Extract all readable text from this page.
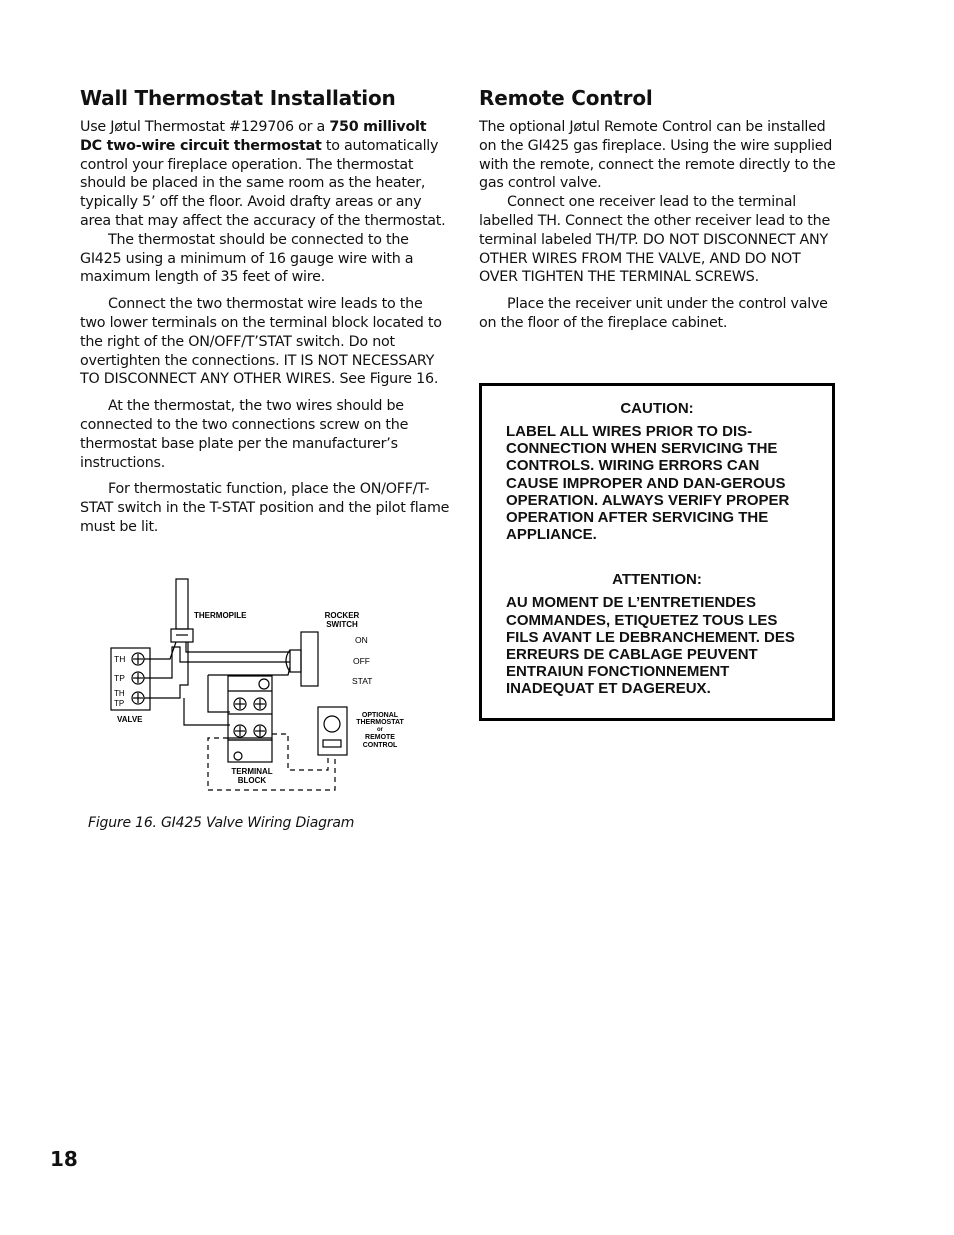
Wall Thermostat Installation

Use Jøtul Thermostat #129706 or a 750 millivolt DC two-wire circuit thermostat to automatically control your fireplace operation. The thermostat should be placed in the same room as the heater, typically 5’ off the floor. Avoid drafty areas or any area that may affect the accuracy of the thermostat.

The thermostat should be connected to the GI425 using a minimum of 16 gauge wire with a maximum length of 35 feet of wire.

Connect the two thermostat wire leads to the two lower terminals on the terminal block located to the right of the ON/OFF/T’STAT switch. Do not overtighten the connections. IT IS NOT NECESSARY TO DISCONNECT ANY OTHER WIRES. See Figure 16.

At the thermostat, the two wires should be connected to the two connections screw on the thermostat base plate per the manufacturer’s instructions.

For thermostatic function, place the ON/OFF/T-STAT switch in the T-STAT position and the pilot flame must be lit.

Remote Control

The optional Jøtul Remote Control can be installed on the GI425 gas fireplace. Using the wire supplied with the remote, connect the remote directly to the gas control valve.

Connect one receiver lead to the terminal labelled TH. Connect the other receiver lead to the terminal labeled TH/TP. DO NOT DISCONNECT ANY OTHER WIRES FROM THE VALVE, AND DO NOT OVER TIGHTEN THE TERMINAL SCREWS.

Place the receiver unit under the control valve on the floor of the fireplace cabinet.

CAUTION:
LABEL ALL WIRES PRIOR TO DIS-CONNECTION WHEN SERVICING THE CONTROLS. WIRING ERRORS CAN CAUSE IMPROPER AND DAN-GEROUS OPERATION. ALWAYS VERIFY PROPER OPERATION AFTER SERVICING THE APPLIANCE.
ATTENTION:
AU MOMENT DE L’ENTRETIENDES COMMANDES, ETIQUETEZ TOUS LES FILS AVANT LE DEBRANCHEMENT. DES ERREURS DE CABLAGE PEUVENT ENTRAIUN FONCTIONNEMENT INADEQUAT ET DAGEREUX.
THERMOPILE	ROCKER
SWITCH
ON
OFF
STAT
TH
TP
TH
TP
VALVE
TERMINAL
BLOCK
OPTIONAL
THERMOSTAT
or
REMOTE
CONTROL
Figure 16. GI425 Valve Wiring Diagram
18
